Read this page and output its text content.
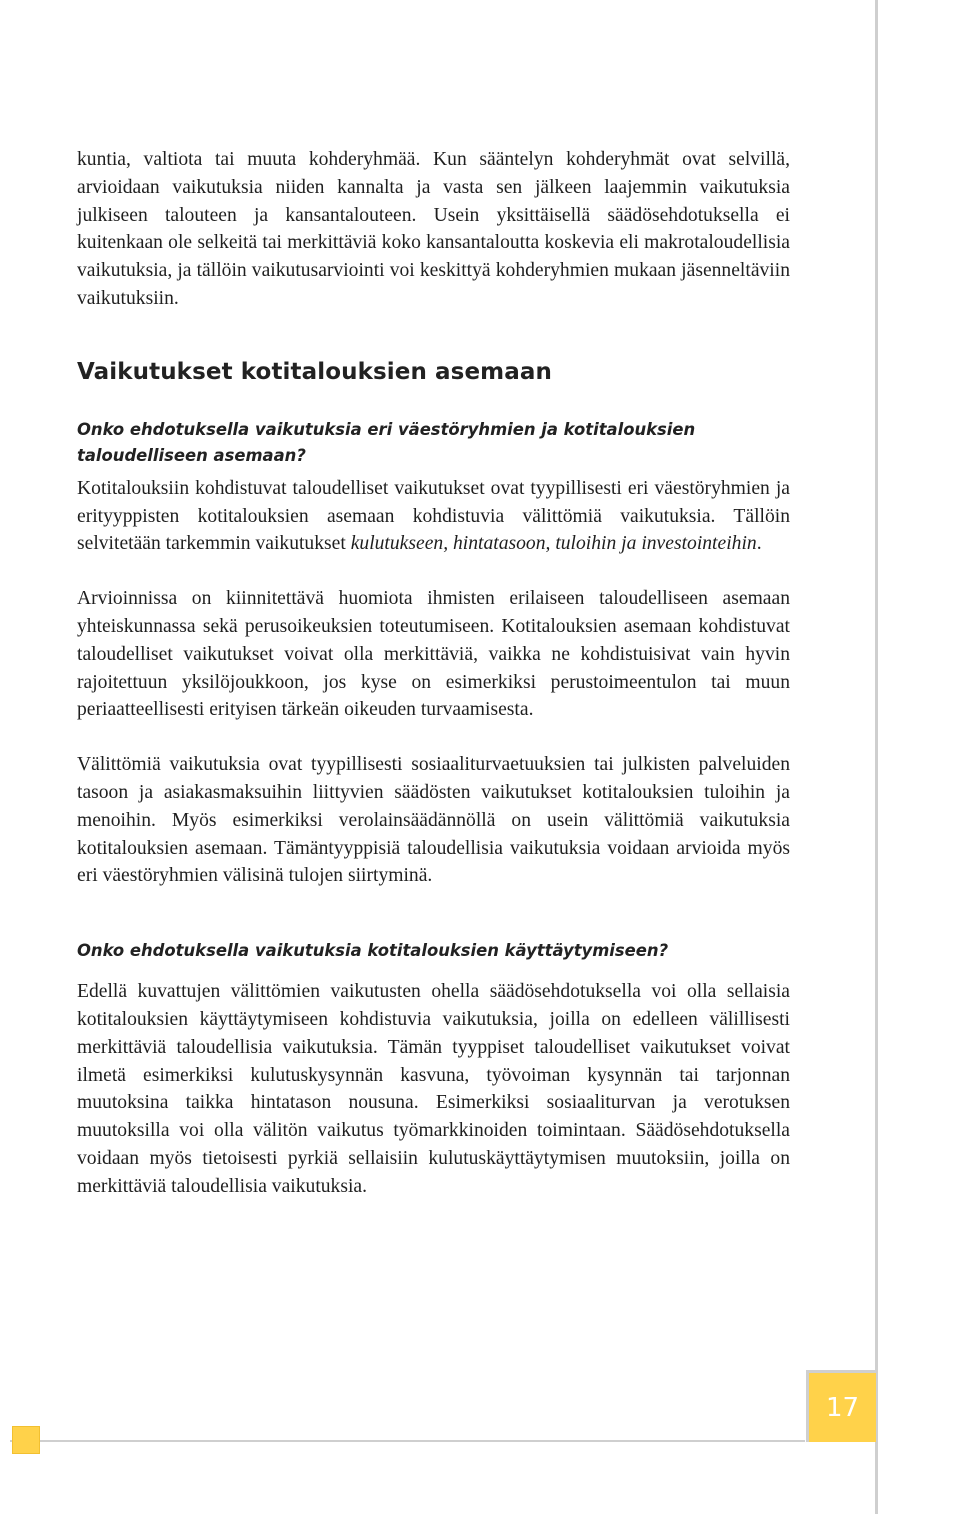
17

kuntia, valtiota tai muuta kohderyhmää. Kun sääntelyn kohderyhmät ovat selvillä, arvioidaan vaikutuksia niiden kannalta ja vasta sen jälkeen laajemmin vaikutuksia julkiseen talouteen ja kansantalouteen. Usein yksittäisellä säädösehdotuksella ei kuitenkaan ole selkeitä tai merkittäviä koko kansantaloutta koskevia eli makrotaloudellisia vaikutuksia, ja tällöin vaikutusarviointi voi keskittyä kohderyhmien mukaan jäsenneltäviin vaikutuksiin.

Vaikutukset kotitalouksien asemaan
Onko ehdotuksella vaikutuksia eri väestöryhmien ja kotitalouksien taloudelliseen asemaan?

Kotitalouksiin kohdistuvat taloudelliset vaikutukset ovat tyypillisesti eri väestöryhmien ja erityyppisten kotitalouksien asemaan kohdistuvia välittömiä vaikutuksia. Tällöin selvitetään tarkemmin vaikutukset kulutukseen, hintatasoon, tuloihin ja investointeihin.

Arvioinnissa on kiinnitettävä huomiota ihmisten erilaiseen taloudelliseen asemaan yhteiskunnassa sekä perusoikeuksien toteutumiseen. Kotitalouksien asemaan kohdistuvat taloudelliset vaikutukset voivat olla merkittäviä, vaikka ne kohdistuisivat vain hyvin rajoitettuun yksilöjoukkoon, jos kyse on esimerkiksi perustoimeentulon tai muun periaatteellisesti erityisen tärkeän oikeuden turvaamisesta.

Välittömiä vaikutuksia ovat tyypillisesti sosiaaliturvaetuuksien tai julkisten palveluiden tasoon ja asiakasmaksuihin liittyvien säädösten vaikutukset kotitalouksien tuloihin ja menoihin. Myös esimerkiksi verolainsäädännöllä on usein välittömiä vaikutuksia kotitalouksien asemaan. Tämäntyyppisiä taloudellisia vaikutuksia voidaan arvioida myös eri väestöryhmien välisinä tulojen siirtyminä.

Onko ehdotuksella vaikutuksia kotitalouksien käyttäytymiseen?

Edellä kuvattujen välittömien vaikutusten ohella säädösehdotuksella voi olla sellaisia kotitalouksien käyttäytymiseen kohdistuvia vaikutuksia, joilla on edelleen välillisesti merkittäviä taloudellisia vaikutuksia. Tämän tyyppiset taloudelliset vaikutukset voivat ilmetä esimerkiksi kulutuskysynnän kasvuna, työvoiman kysynnän tai tarjonnan muutoksina taikka hintatason nousuna. Esimerkiksi sosiaaliturvan ja verotuksen muutoksilla voi olla välitön vaikutus työmarkkinoiden toimintaan. Säädösehdotuksella voidaan myös tietoisesti pyrkiä sellaisiin kulutuskäyttäytymisen muutoksiin, joilla on merkittäviä taloudellisia vaikutuksia.
